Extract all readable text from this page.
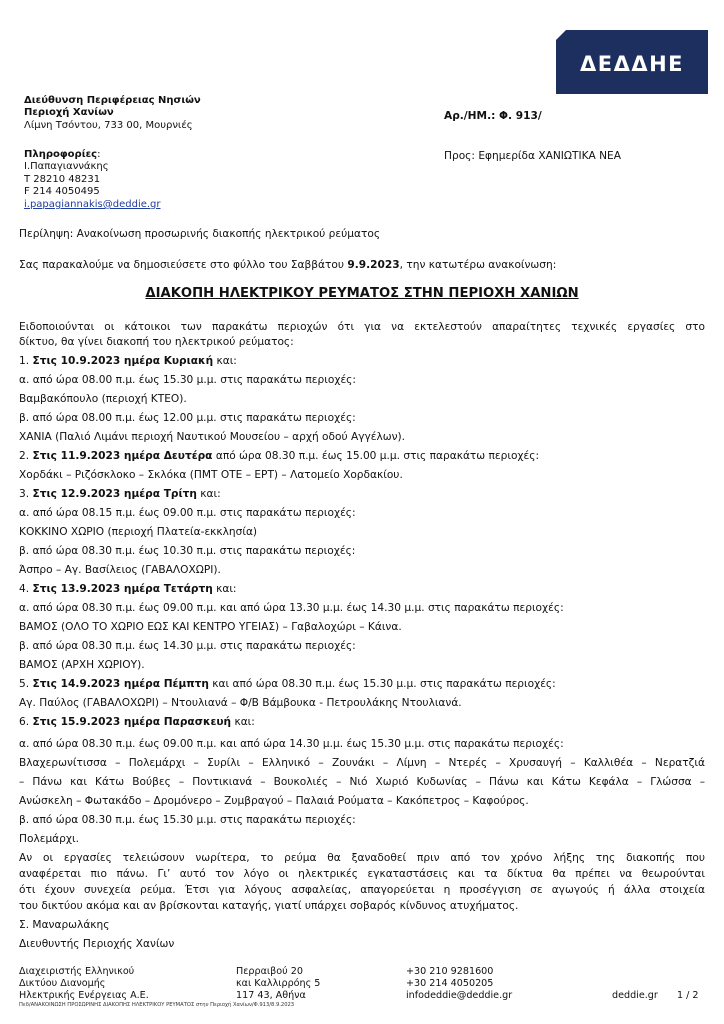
ΔΕΔΔΗΕ
Διεύθυνση Περιφέρειας Νησιών
Περιοχή Χανίων
Λίμνη Τσόντου, 733 00, Μουρνιές
Αρ./ΗΜ.: Φ. 913/
Πληροφορίες:
Ι.Παπαγιαννάκης
Τ 28210 48231
F 214 4050495
i.papagiannakis@deddie.gr
Προς: Εφημερίδα ΧΑΝΙΩΤΙΚΑ ΝΕΑ
Περίληψη: Ανακοίνωση προσωρινής διακοπής ηλεκτρικού ρεύματος
Σας παρακαλούμε να δημοσιεύσετε στο φύλλο του Σαββάτου 9.9.2023, την κατωτέρω ανακοίνωση:
ΔΙΑΚΟΠΗ ΗΛΕΚΤΡΙΚΟΥ ΡΕΥΜΑΤΟΣ ΣΤΗΝ ΠΕΡΙΟΧΗ ΧΑΝΙΩΝ
Ειδοποιούνται οι κάτοικοι των παρακάτω περιοχών ότι για να εκτελεστούν απαραίτητες τεχνικές εργασίες στο
δίκτυο, θα γίνει διακοπή του ηλεκτρικού ρεύματος:
1. Στις 10.9.2023 ημέρα Κυριακή και:
α. από ώρα 08.00 π.μ. έως 15.30 μ.μ. στις παρακάτω περιοχές:
Βαμβακόπουλο (περιοχή ΚΤΕΟ).
β. από ώρα 08.00 π.μ. έως 12.00 μ.μ. στις παρακάτω περιοχές:
ΧΑΝΙΑ (Παλιό Λιμάνι περιοχή Ναυτικού Μουσείου – αρχή οδού Αγγέλων).
2. Στις 11.9.2023 ημέρα Δευτέρα από ώρα 08.30 π.μ. έως 15.00 μ.μ. στις παρακάτω περιοχές:
Χορδάκι – Ριζόσκλοκο – Σκλόκα (ΠΜΤ ΟΤΕ – ΕΡΤ) – Λατομείο Χορδακίου.
3. Στις 12.9.2023 ημέρα Τρίτη και:
α. από ώρα 08.15 π.μ. έως 09.00 π.μ. στις παρακάτω περιοχές:
ΚΟΚΚΙΝΟ ΧΩΡΙΟ (περιοχή Πλατεία-εκκλησία)
β. από ώρα 08.30 π.μ. έως 10.30 π.μ. στις παρακάτω περιοχές:
Άσπρο – Αγ. Βασίλειος (ΓΑΒΑΛΟΧΩΡΙ).
4. Στις 13.9.2023 ημέρα Τετάρτη και:
α. από ώρα 08.30 π.μ. έως 09.00 π.μ. και από ώρα 13.30 μ.μ. έως 14.30 μ.μ. στις παρακάτω περιοχές:
ΒΑΜΟΣ (ΟΛΟ ΤΟ ΧΩΡΙΟ ΕΩΣ ΚΑΙ ΚΕΝΤΡΟ ΥΓΕΙΑΣ) – Γαβαλοχώρι – Κάινα.
β. από ώρα 08.30 π.μ. έως 14.30 μ.μ. στις παρακάτω περιοχές:
ΒΑΜΟΣ (ΑΡΧΗ ΧΩΡΙΟΥ).
5. Στις 14.9.2023 ημέρα Πέμπτη και από ώρα 08.30 π.μ. έως 15.30 μ.μ. στις παρακάτω περιοχές:
Αγ. Παύλος (ΓΑΒΑΛΟΧΩΡΙ) – Ντουλιανά – Φ/Β Βάμβουκα - Πετρουλάκης Ντουλιανά.
6. Στις 15.9.2023 ημέρα Παρασκευή και:
α. από ώρα 08.30 π.μ. έως 09.00 π.μ. και από ώρα 14.30 μ.μ. έως 15.30 μ.μ. στις παρακάτω περιοχές:
Βλαχερωνίτισσα – Πολεμάρχι – Συρίλι – Ελληνικό – Ζουνάκι – Λίμνη – Ντερές – Χρυσαυγή – Καλλιθέα – Νερατζιά
– Πάνω και Κάτω Βούβες – Ποντικιανά – Βουκολιές – Νιό Χωριό Κυδωνίας – Πάνω και Κάτω Κεφάλα – Γλώσσα –
Ανώσκελη – Φωτακάδο – Δρομόνερο – Ζυμβραγού – Παλαιά Ρούματα – Κακόπετρος – Καφούρος.
β. από ώρα 08.30 π.μ. έως 15.30 μ.μ. στις παρακάτω περιοχές:
Πολεμάρχι.
Αν οι εργασίες τελειώσουν νωρίτερα, το ρεύμα θα ξαναδοθεί πριν από τον χρόνο λήξης της διακοπής που
αναφέρεται πιο πάνω. Γι’ αυτό τον λόγο οι ηλεκτρικές εγκαταστάσεις και τα δίκτυα θα πρέπει να θεωρούνται
ότι έχουν συνεχεία ρεύμα. Έτσι για λόγους ασφαλείας, απαγορεύεται η προσέγγιση σε αγωγούς ή άλλα στοιχεία
του δικτύου ακόμα και αν βρίσκονται καταγής, γιατί υπάρχει σοβαρός κίνδυνος ατυχήματος.
Σ. Μαναρωλάκης
Διευθυντής Περιοχής Χανίων
Διαχειριστής Ελληνικού
Δικτύου Διανομής
Ηλεκτρικής Ενέργειας Α.Ε.
Περραιβού 20
και Καλλιρρόης 5
117 43, Αθήνα
+30 210 9281600
+30 214 4050205
infodeddie@deddie.gr	deddie.gr 1 / 2
Πεδ/ΑΝΑΚΟΙΝΩΣΗ ΠΡΟΣΩΡΙΝΗΣ ΔΙΑΚΟΠΗΣ ΗΛΕΚΤΡΙΚΟΥ ΡΕΥΜΑΤΟΣ στην Περιοχή Χανίων/Φ.913/8.9.2023
